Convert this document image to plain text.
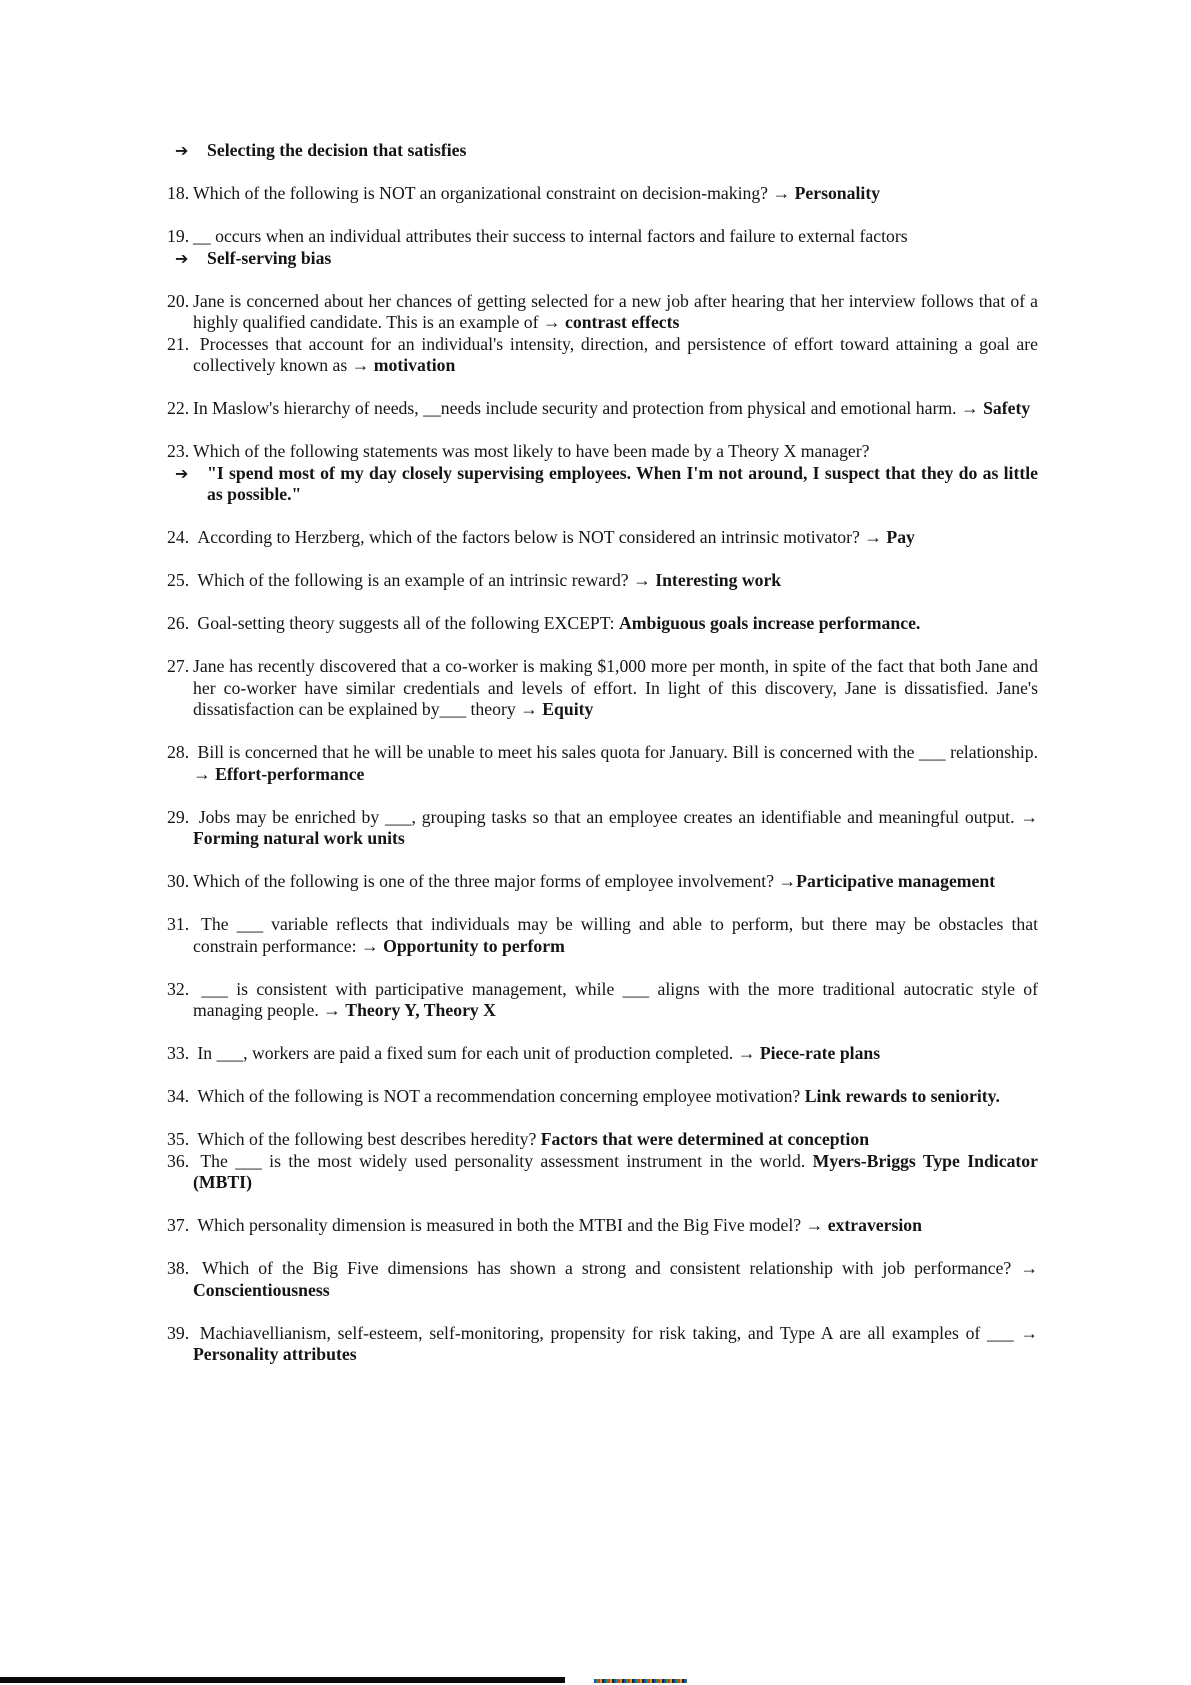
➔ Selecting the decision that satisfies
18. Which of the following is NOT an organizational constraint on decision-making? → Personality
19. __ occurs when an individual attributes their success to internal factors and failure to external factors
➔ Self-serving bias
20. Jane is concerned about her chances of getting selected for a new job after hearing that her interview follows that of a highly qualified candidate. This is an example of → contrast effects
21. Processes that account for an individual's intensity, direction, and persistence of effort toward attaining a goal are collectively known as → motivation
22. In Maslow's hierarchy of needs, __needs include security and protection from physical and emotional harm. → Safety
23. Which of the following statements was most likely to have been made by a Theory X manager?
➔ "I spend most of my day closely supervising employees. When I'm not around, I suspect that they do as little as possible."
24. According to Herzberg, which of the factors below is NOT considered an intrinsic motivator? → Pay
25. Which of the following is an example of an intrinsic reward? → Interesting work
26. Goal-setting theory suggests all of the following EXCEPT: Ambiguous goals increase performance.
27. Jane has recently discovered that a co-worker is making $1,000 more per month, in spite of the fact that both Jane and her co-worker have similar credentials and levels of effort. In light of this discovery, Jane is dissatisfied. Jane's dissatisfaction can be explained by___ theory → Equity
28. Bill is concerned that he will be unable to meet his sales quota for January. Bill is concerned with the ___ relationship. → Effort-performance
29. Jobs may be enriched by ___, grouping tasks so that an employee creates an identifiable and meaningful output. → Forming natural work units
30. Which of the following is one of the three major forms of employee involvement? →Participative management
31. The ___ variable reflects that individuals may be willing and able to perform, but there may be obstacles that constrain performance: → Opportunity to perform
32. ___ is consistent with participative management, while ___ aligns with the more traditional autocratic style of managing people. → Theory Y, Theory X
33. In ___, workers are paid a fixed sum for each unit of production completed. → Piece-rate plans
34. Which of the following is NOT a recommendation concerning employee motivation? Link rewards to seniority.
35. Which of the following best describes heredity? Factors that were determined at conception
36. The ___ is the most widely used personality assessment instrument in the world. Myers-Briggs Type Indicator (MBTI)
37. Which personality dimension is measured in both the MTBI and the Big Five model? → extraversion
38. Which of the Big Five dimensions has shown a strong and consistent relationship with job performance? → Conscientiousness
39. Machiavellianism, self-esteem, self-monitoring, propensity for risk taking, and Type A are all examples of ___ → Personality attributes
